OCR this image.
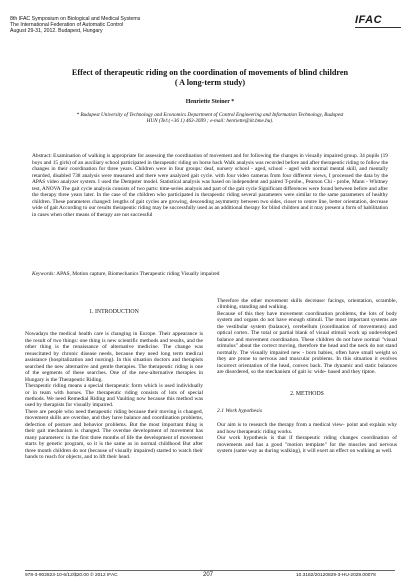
8th IFAC Symposium on Biological and Medical Systems
The International Federation of Automatic Control
August 29-31, 2012. Budapest, Hungary
IFAC
Effect of therapeutic riding on the coordination of movements of blind children
( A long-term study)
Henriette Steiner *
* Budapest University of Technology and Economics Department of Control Engineering and Information Technology, Budapest
HUN (Tel:(+36 1) 463-2699 ; e-mail: henriette@iit.bme.hu).
Abstract: Examination of walking is appropriate for assessing the coordination of movement and for following the changes in visually impaired group. 34 pupils (19 boys and 15 girls) of an auxiliary school participated in therapeutic riding on horse back Walk analysis was recorded before and after therapeutic riding to follow the changes in their coordination for three years. Children were in four groups: deaf, nursery school - aged, school - aged with normal mental skill, and mentally retarded, disabled 738 analysis were measured and there were analyzed gait cycle. with four video cameras from four different views, I processed the data by the APAS video analyzer system. I used the Dempster model. Statistical analysis was based on independent and paired T-probe., Pearson Chi - probe, Mann - Whitney test, ANOVA The gait cycle analysis consists of two parts: time-series analysis and part of the gait cycle Significant differences were found between before and after the therapy three years later. In the case of the children who participated in therapeutic riding several parameters were similar to the same parameters of healthy children. These parameters changed: lengths of gait cycles are growing, descending asymmetry between two sides, closer to centre line, better orientation, decrease wide of gait According to our results therapeutic riding may be successfully used as an additional therapy for blind children and it may present a form of habilitation in cases when other means of therapy are not successful
Keywords: APAS, Motion capture, Biomechanics Therapeutic riding Visually impaired
1. INTRODUCTION

Nowadays the medical health care is changing in Europe. Their appearance is the result of two things: one thing is new scientific methods and results, and the other thing is the renaissance of alternative medicine. The change was resuscitated by chronic disease needs, because they need long term medical assistance (hospitalization and nursing). In this situation doctors and therapists searched the new alternative and gentle therapies. The therapeutic riding is one of the segments of these searches. One of the new-alternative therapies in Hungary is the Therapeutic Riding.

Therapeutic riding means a special therapeutic form which is used individually or in team with horses. The therapeutic riding consists of lots of special methods. We need Remedial Riding and Vaulting now because this method was used by therapists for visually impaired.

There are people who need therapeutic riding because their moving is changed, movement skills are overdue, and they have balance and coordination problems, defection of posture and behavior problems. But the most important thing is their gait mechanism is changed. The overdue development of movement has many parameters: in the first three months of life the development of movement starts by genetic program, so it is the same as in normal childhood But after three month children do not (because of visually impaired) started to watch their hands to reach for objects, and to lift their head.

Therefore the other movement skills decrease: facings, orientation, scramble, climbing, standing and walking.

Because of this they have movement coordination problems, the lots of body system and organs do not have enough stimuli. The most important systems are the vestibular system (balance), cerebellum (coordination of movements) and optical cortex. The total or partial blank of visual stimuli work up undeveloped balance and movement coordination. These children do not have normal "visual stimulus" about the correct moving, therefore the head and the neck do not stand normally. The visually impaired new - born babies, often have small weight so they are prone to nervous and muscular problems. In this situation it evolves incorrect orientation of the head, convex back. The dynamic and static balances are disordered, so the mechanism of gait is: wide- based and they tiptoe.

2. METHODS
2.1 Work hypothesis

Our aim is to research the therapy from a medical view- point and explain why and how therapeutic riding works.

Our work hypothesis is that if therapeutic riding changes coordination of movements and has a good "motion template" for the muscles and nervous system (same way as during walking), it will exert an effect on walking as well.

978-3-902823-10-6/12/$20.00 © 2012 IFAC	207	10.3182/20120829-3-HU-2029.00078
